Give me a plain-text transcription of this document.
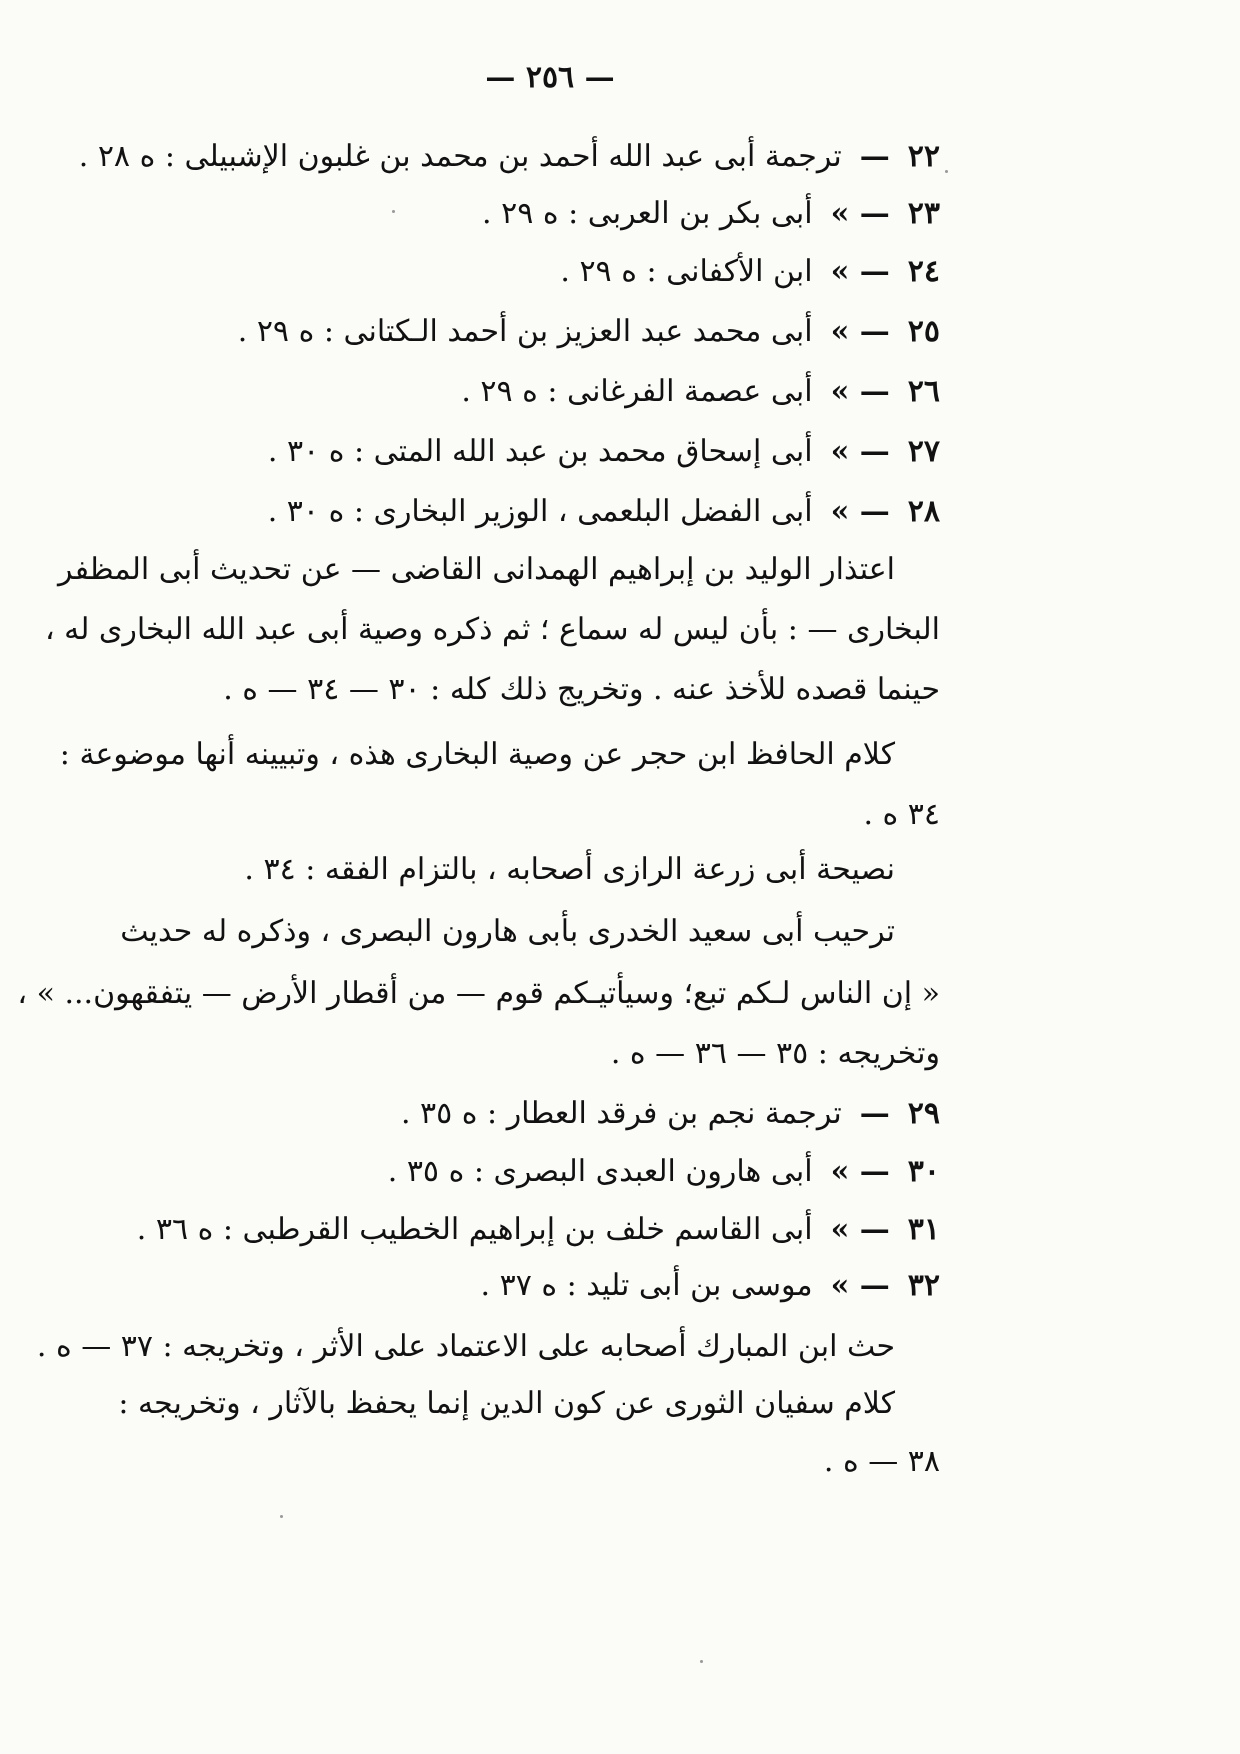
— ٢٥٦ —
٢٢
—
ترجمة أبى عبد الله أحمد بن محمد بن غلبون الإشبيلى : ه ٢٨ .
٢٣
— »
أبى بكر بن العربى : ه ٢٩ .
٢٤
— »
ابن الأكفانى : ه ٢٩ .
٢٥
— »
أبى محمد عبد العزيز بن أحمد الـكتانى : ه ٢٩ .
٢٦
— »
أبى عصمة الفرغانى : ه ٢٩ .
٢٧
— »
أبى إسحاق محمد بن عبد الله المتى : ه ٣٠ .
٢٨
— »
أبى الفضل البلعمى ، الوزير البخارى : ه ٣٠ .
اعتذار الوليد بن إبراهيم الهمدانى القاضى — عن تحديث أبى المظفر
البخارى — : بأن ليس له سماع ؛ ثم ذكره وصية أبى عبد الله البخارى له ،
حينما قصده للأخذ عنه . وتخريج ذلك كله : ٣٠ — ٣٤ — ه .
كلام الحافظ ابن حجر عن وصية البخارى هذه ، وتبيينه أنها موضوعة :
٣٤ ه .
نصيحة أبى زرعة الرازى أصحابه ، بالتزام الفقه : ٣٤ .
ترحيب أبى سعيد الخدرى بأبى هارون البصرى ، وذكره له حديث
« إن الناس لـكم تبع؛ وسيأتيـكم قوم — من أقطار الأرض — يتفقهون... » ،
وتخريجه : ٣٥ — ٣٦ — ه .
٢٩
—
ترجمة نجم بن فرقد العطار : ه ٣٥ .
٣٠
— »
أبى هارون العبدى البصرى : ه ٣٥ .
٣١
— »
أبى القاسم خلف بن إبراهيم الخطيب القرطبى : ه ٣٦ .
٣٢
— »
موسى بن أبى تليد : ه ٣٧ .
حث ابن المبارك أصحابه على الاعتماد على الأثر ، وتخريجه : ٣٧ — ه .
كلام سفيان الثورى عن كون الدين إنما يحفظ بالآثار ، وتخريجه :
٣٨ — ه .
